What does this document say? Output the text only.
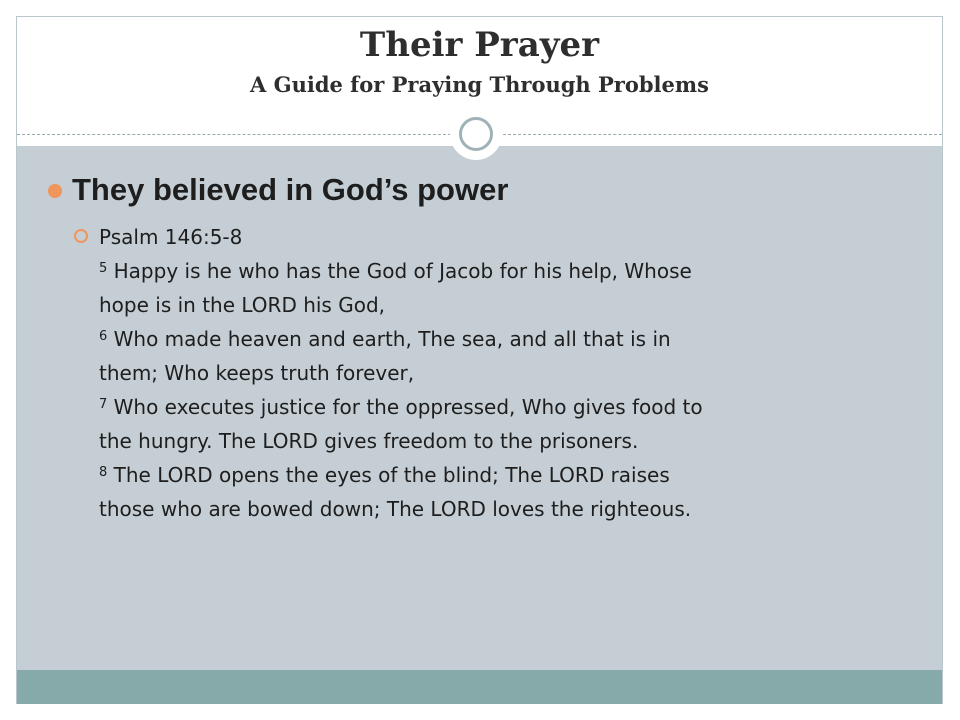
Their Prayer
A Guide for Praying Through Problems
They believed in God’s power
Psalm 146:5-8
$^5$ Happy is he who has the God of Jacob for his help, Whose
hope is in the LORD his God,
$^6$ Who made heaven and earth, The sea, and all that is in
them; Who keeps truth forever,
$^7$ Who executes justice for the oppressed, Who gives food to
the hungry. The LORD gives freedom to the prisoners.
$^8$ The LORD opens the eyes of the blind; The LORD raises
those who are bowed down; The LORD loves the righteous.
